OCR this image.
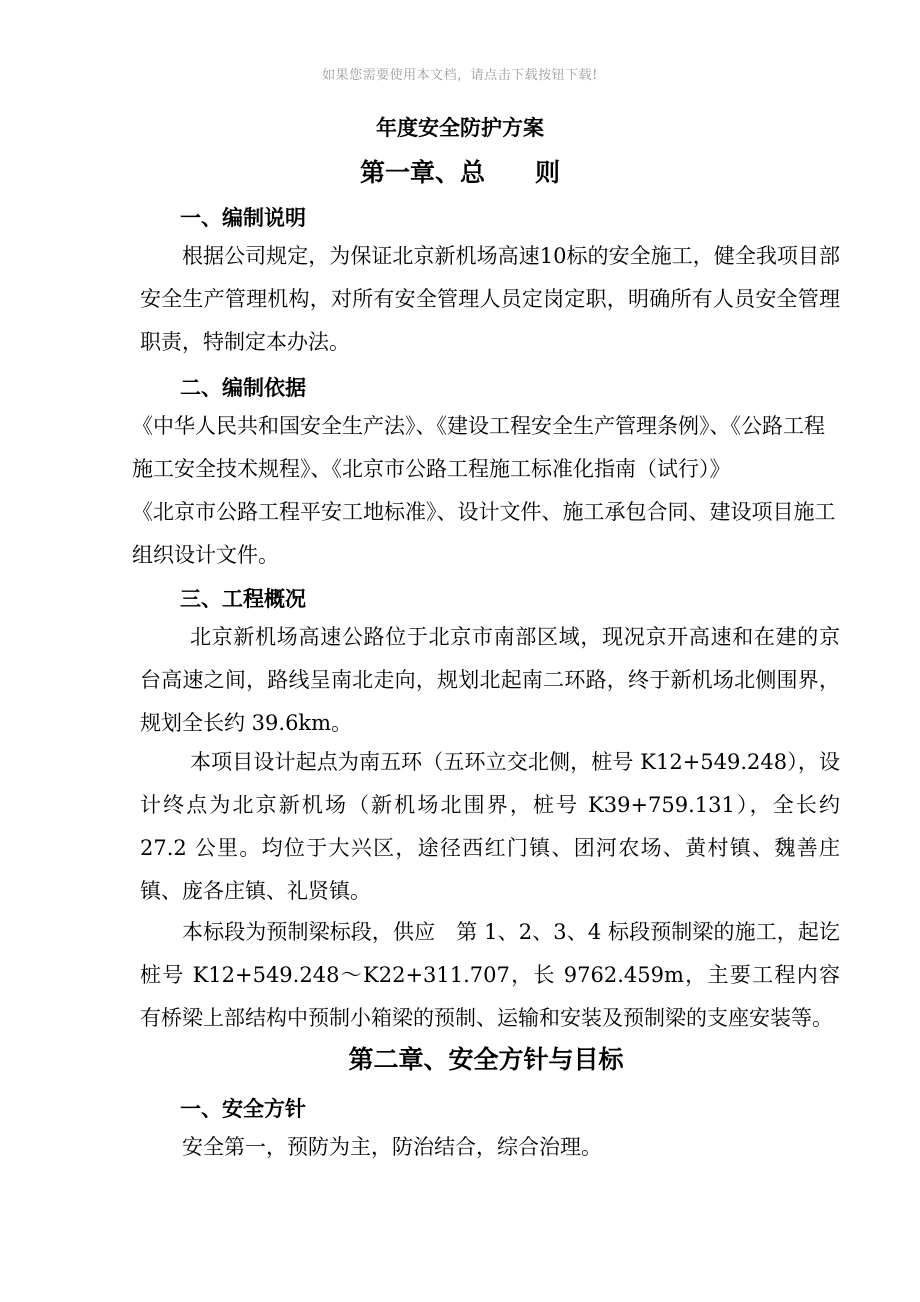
如果您需要使用本文档，请点击下载按钮下载!
年度安全防护方案
第一章、总　　则
一、编制说明

根据公司规定，为保证北京新机场高速10标的安全施工，健全我项目部安全生产管理机构，对所有安全管理人员定岗定职，明确所有人员安全管理职责，特制定本办法。

二、编制依据

《中华人民共和国安全生产法》、《建设工程安全生产管理条例》、《公路工程施工安全技术规程》、《北京市公路工程施工标准化指南（试行）》

《北京市公路工程平安工地标准》、设计文件、施工承包合同、建设项目施工组织设计文件。

三、工程概况

北京新机场高速公路位于北京市南部区域，现况京开高速和在建的京台高速之间，路线呈南北走向，规划北起南二环路，终于新机场北侧围界，规划全长约 39.6km。

本项目设计起点为南五环（五环立交北侧，桩号 K12+549.248），设计终点为北京新机场（新机场北围界，桩号 K39+759.131），全长约 27.2 公里。均位于大兴区，途径西红门镇、团河农场、黄村镇、魏善庄镇、庞各庄镇、礼贤镇。

本标段为预制梁标段，供应　第 1、2、3、4 标段预制梁的施工，起讫桩号 K12+549.248～K22+311.707，长 9762.459m，主要工程内容有桥梁上部结构中预制小箱梁的预制、运输和安装及预制梁的支座安装等。

第二章、安全方针与目标
一、安全方针

安全第一，预防为主，防治结合，综合治理。
